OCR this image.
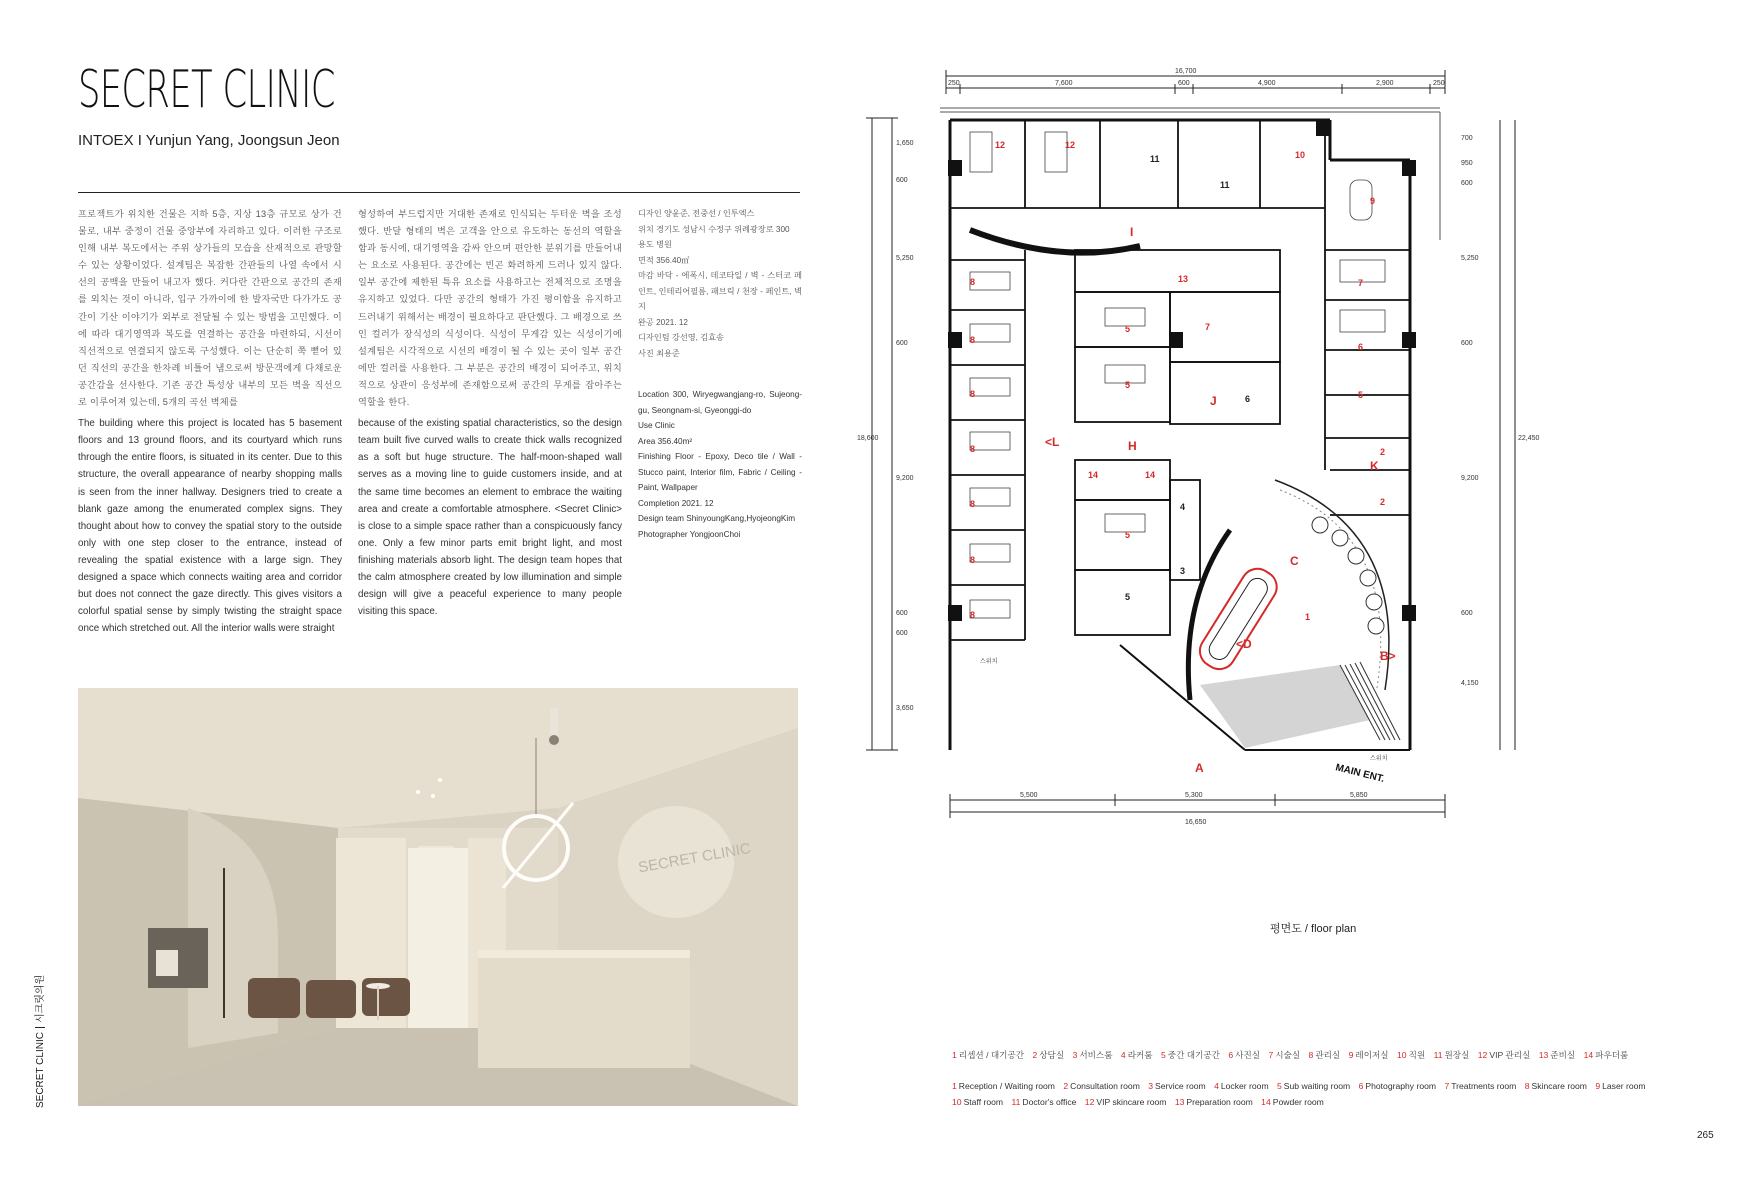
SECRET CLINIC
INTOEX I Yunjun Yang, Joongsun Jeon

프로젝트가 위치한 건물은 지하 5층, 지상 13층 규모로 상가 건물로, 내부 중정이 건물 중앙부에 자리하고 있다. 이러한 구조로 인해 내부 복도에서는 주위 상가들의 모습을 산재적으로 관망할 수 있는 상황이었다. 설계팀은 복잡한 간판들의 나열 속에서 시선의 공백을 만들어 내고자 했다. 커다란 간판으로 공간의 존재를 외치는 것이 아니라, 입구 가까이에 한 발자국만 다가가도 공간이 기산 이야기가 외부로 전달될 수 있는 방법을 고민했다. 이에 따라 대기영역과 복도를 연결하는 공간을 마련하되, 시선이 직선적으로 연결되지 않도록 구성했다. 이는 단순히 쭉 뻗어 있던 직선의 공간을 한차례 비틀어 냄으로써 방문객에게 다채로운 공간감을 선사한다. 기존 공간 특성상 내부의 모든 벽을 직선으로 이루어져 있는데, 5개의 곡선 벽체를

The building where this project is located has 5 basement floors and 13 ground floors, and its courtyard which runs through the entire floors, is situated in its center. Due to this structure, the overall appearance of nearby shopping malls is seen from the inner hallway. Designers tried to create a blank gaze among the enumerated complex signs. They thought about how to convey the spatial story to the outside only with one step closer to the entrance, instead of revealing the spatial existence with a large sign. They designed a space which connects waiting area and corridor but does not connect the gaze directly. This gives visitors a colorful spatial sense by simply twisting the straight space once which stretched out. All the interior walls were straight

형성하여 부드럽지만 거대한 존재로 인식되는 두터운 벽을 조성했다. 반달 형태의 벽은 고객을 안으로 유도하는 동선의 역할을 함과 동시에, 대기영역을 감싸 안으며 편안한 분위기를 만들어내는 요소로 사용된다. 공간에는 빈곤 화려하게 드러나 있지 않다. 일부 공간에 제한된 특유 요소를 사용하고는 전체적으로 조명을 유지하고 있었다. 다만 공간의 형태가 가진 평이함을 유지하고 드러내기 위해서는 배경이 필요하다고 판단했다. 그 배경으로 쓰인 컬러가 장식성의 식성이다. 식성이 무게감 있는 식성이기에 설계팀은 시각적으로 시선의 배경이 될 수 있는 곳이 일부 공간에만 컬러를 사용한다. 그 부분은 공간의 배경이 되어주고, 위치적으로 상관이 응성부에 존재함으로써 공간의 무게를 잡아주는 역할을 한다.

because of the existing spatial characteristics, so the design team built five curved walls to create thick walls recognized as a soft but huge structure. The half-moon-shaped wall serves as a moving line to guide customers inside, and at the same time becomes an element to embrace the waiting area and create a comfortable atmosphere. <Secret Clinic> is close to a simple space rather than a conspicuously fancy one. Only a few minor parts emit bright light, and most finishing materials absorb light. The design team hopes that the calm atmosphere created by low illumination and simple design will give a peaceful experience to many people visiting this space.

디자인 양윤준, 전중선 / 인투엑스
위치 경기도 성남시 수정구 위례광장로 300
용도 병원
면적 356.40㎡
마감 바닥 - 에폭시, 데코타일 / 벽 - 스터코 페인트, 인테리어필름, 패브릭 / 천장 - 페인트, 벽지
완공 2021. 12
디자인팀 강선영, 김효송
사진 최용준

Location 300, Wiryegwangjang-ro, Sujeong-gu, Seongnam-si, Gyeonggi-do
Use Clinic
Area 356.40m²
Finishing Floor - Epoxy, Deco tile / Wall - Stucco paint, Interior film, Fabric / Ceiling - Paint, Wallpaper
Completion 2021. 12
Design team ShinyoungKang,HyojeongKim
Photographer YongjoonChoi

SECRET CLINIC
SECRET CLINIC시크릿의원
12	12
11
11
10
9
13
8
8
8
8
8
8
8
7
7
6
6
5
5
5
14	14
5
5
3
4
2
2
1
A
B>
C
<D
H
J
K
<L
I
MAIN ENT.
스위치
스위치
16,700
250	7,600	600	4,900	2,900	250
5,500	5,300	5,850
16,650
700
950
600
5,250
600
9,200
600
4,150
22,450
18,600
1,650
600
5,250
600
9,200
600
600
3,650
평면도 / floor plan
1 리셉션 / 대기공간 2 상담실 3 서비스룸 4 라커룸 5 중간 대기공간 6 사진실 7 시술실 8 관리실 9 레이저실 10 직원 11 원장실 12 VIP 관리실 13 준비실 14 파우더룸
1 Reception / Waiting room 2 Consultation room 3 Service room 4 Locker room 5 Sub waiting room 6 Photography room 7 Treatments room 8 Skincare room 9 Laser room 10 Staff room 11 Doctor's office 12 VIP skincare room 13 Preparation room 14 Powder room
265
